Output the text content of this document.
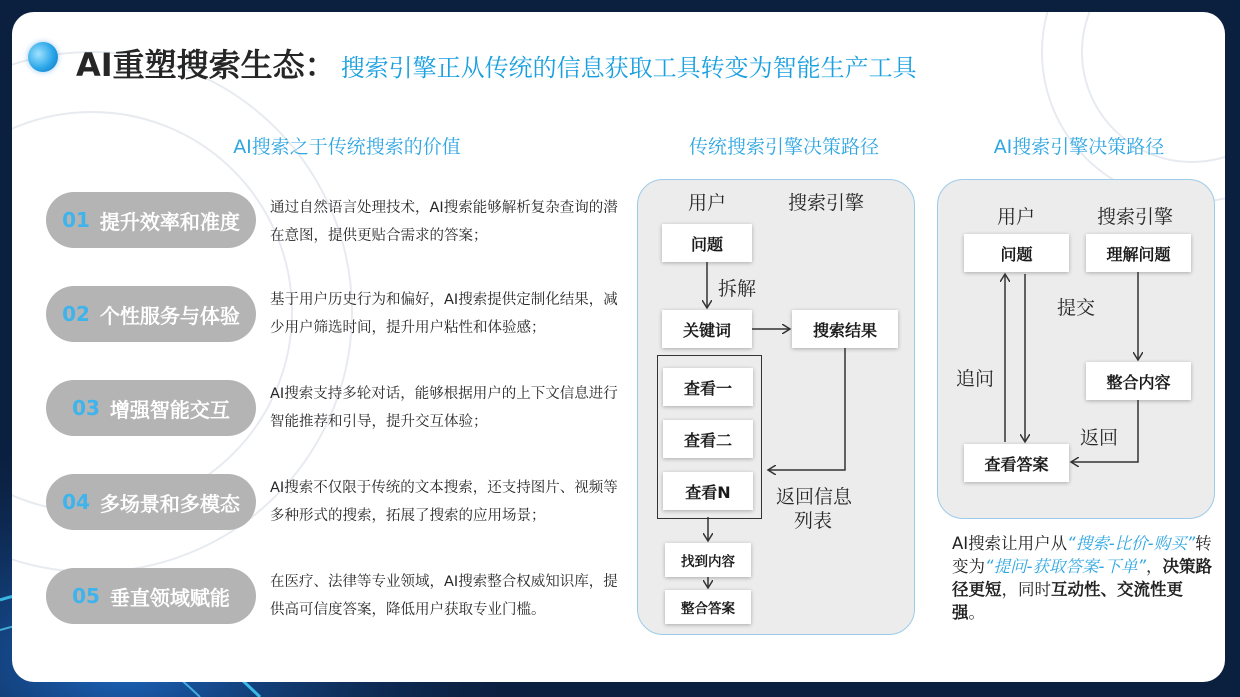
AI重塑搜索生态： 搜索引擎正从传统的信息获取工具转变为智能生产工具
AI搜索之于传统搜索的价值	传统搜索引擎决策路径	AI搜索引擎决策路径
01 提升效率和准度
通过自然语言处理技术，AI搜索能够解析复杂查询的潜在意图，提供更贴合需求的答案；
02 个性服务与体验
基于用户历史行为和偏好，AI搜索提供定制化结果，减少用户筛选时间，提升用户粘性和体验感；
03 增强智能交互
AI搜索支持多轮对话，能够根据用户的上下文信息进行智能推荐和引导，提升交互体验；
04 多场景和多模态
AI搜索不仅限于传统的文本搜索，还支持图片、视频等多种形式的搜索，拓展了搜索的应用场景；
05 垂直领域赋能
在医疗、法律等专业领域，AI搜索整合权威知识库，提供高可信度答案，降低用户获取专业门槛。
用户	搜索引擎
问题
拆解
关键词	搜索结果
查看一
查看二
查看N	返回信息
列表
找到内容
整合答案
用户	搜索引擎
问题	理解问题
提交
追问	整合内容
返回
查看答案
AI搜索让用户从“搜索-比价-购买”转变为“提问-获取答案-下单”，决策路径更短，同时互动性、交流性更强。
